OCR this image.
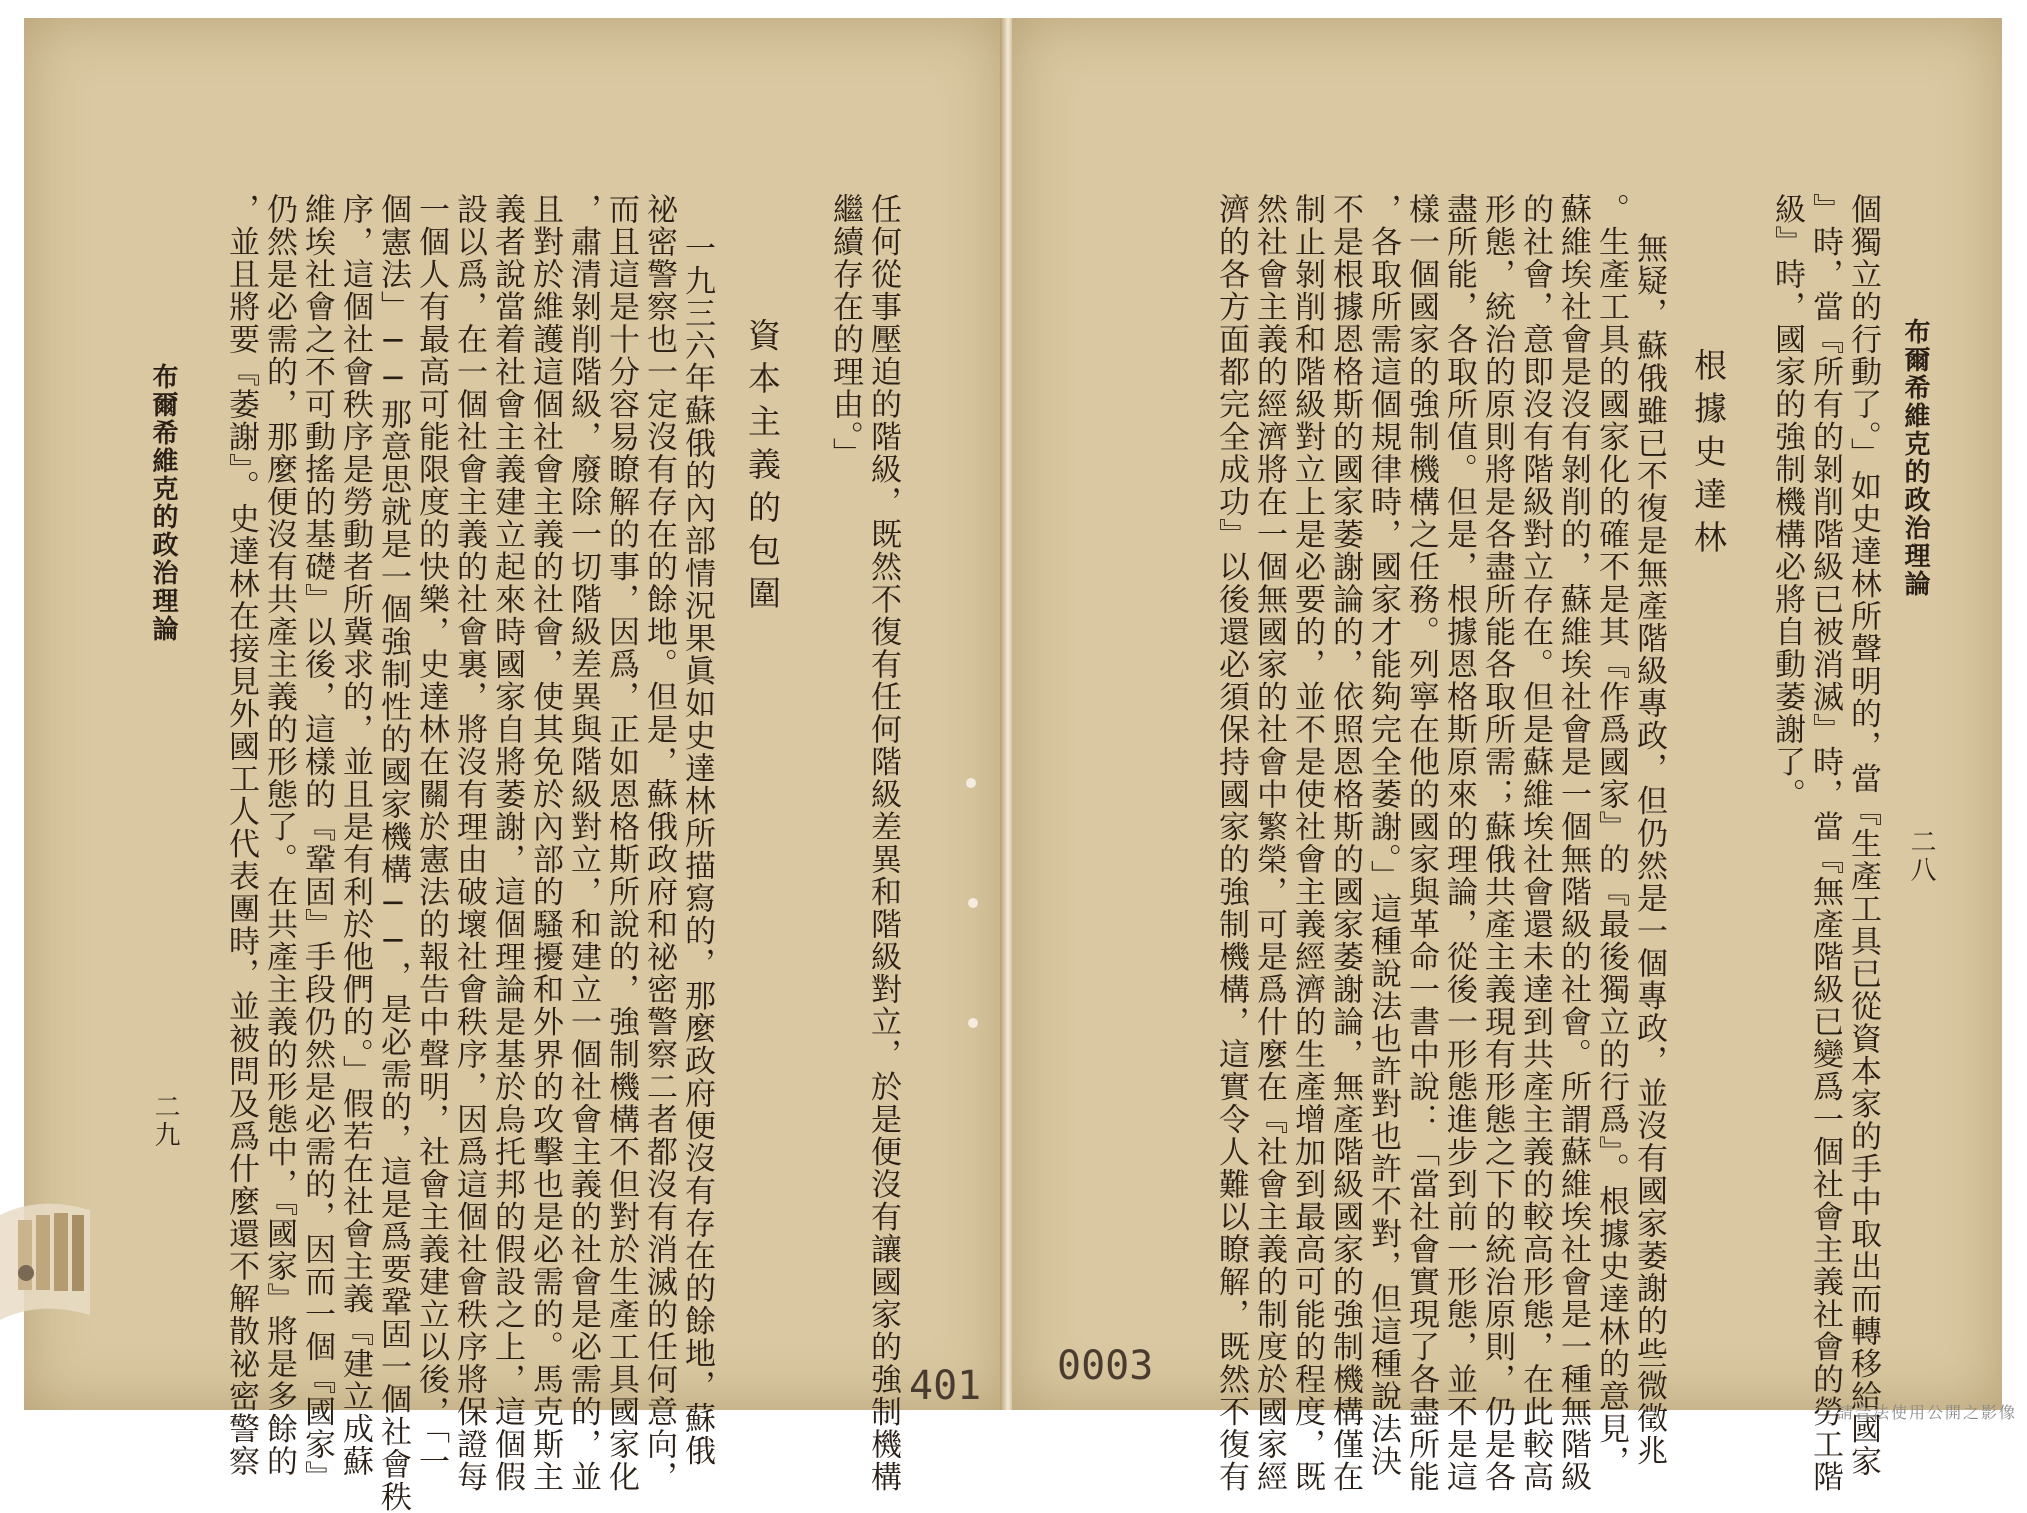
任何從事壓迫的階級，既然不復有任何階級差異和階級對立，於是便沒有讓國家的強制機構
繼續存在的理由。」
資本主義的包圍
一九三六年蘇俄的內部情況果眞如史達林所描寫的，那麼政府便沒有存在的餘地，蘇俄
祕密警察也一定沒有存在的餘地。但是，蘇俄政府和祕密警察二者都沒有消滅的任何意向，
而且這是十分容易瞭解的事，因爲，正如恩格斯所說的，強制機構不但對於生產工具國家化
，肅清剝削階級，廢除一切階級差異與階級對立，和建立一個社會主義的社會是必需的，並
且對於維護這個社會主義的社會，使其免於內部的騷擾和外界的攻擊也是必需的。馬克斯主
義者說當着社會主義建立起來時國家自將萎謝，這個理論是基於烏托邦的假設之上，這個假
設以爲，在一個社會主義的社會裏，將沒有理由破壞社會秩序，因爲這個社會秩序將保證每
一個人有最高可能限度的快樂，史達林在關於憲法的報告中聲明，社會主義建立以後，「一
個憲法」──那意思就是一個強制性的國家機構──，是必需的，這是爲要鞏固一個社會秩
序，這個社會秩序是勞動者所冀求的，並且是有利於他們的。」假若在社會主義『建立成蘇
維埃社會之不可動搖的基礎』以後，這樣的『鞏固』手段仍然是必需的，因而一個『國家』
仍然是必需的，那麼便沒有共產主義的形態了。在共產主義的形態中，『國家』將是多餘的
，並且將要『萎謝』。史達林在接見外國工人代表團時，並被問及爲什麼還不解散祕密警察
布爾希維克的政治理論
二九
401
布爾希維克的政治理論
二八
個獨立的行動了。」如史達林所聲明的，當『生產工具已從資本家的手中取出而轉移給國家
』時，當『所有的剝削階級已被消滅』時，當『無產階級已變爲一個社會主義社會的勞工階
級』時，國家的強制機構必將自動萎謝了。
根據史達林
無疑，蘇俄雖已不復是無產階級專政，但仍然是一個專政，並沒有國家萎謝的些微徵兆
。生產工具的國家化的確不是其『作爲國家』的『最後獨立的行爲』。根據史達林的意見，
蘇維埃社會是沒有剝削的，蘇維埃社會是一個無階級的社會。所謂蘇維埃社會是一種無階級
的社會，意即沒有階級對立存在。但是蘇維埃社會還未達到共產主義的較高形態，在此較高
形態，統治的原則將是各盡所能各取所需；蘇俄共產主義現有形態之下的統治原則，仍是各
盡所能，各取所值。但是，根據恩格斯原來的理論，從後一形態進步到前一形態，並不是這
樣一個國家的強制機構之任務。列寧在他的國家與革命一書中說：「當社會實現了各盡所能
，各取所需這個規律時，國家才能夠完全萎謝。」這種說法也許對也許不對，但這種說法決
不是根據恩格斯的國家萎謝論的，依照恩格斯的國家萎謝論，無產階級國家的強制機構僅在
制止剝削和階級對立上是必要的，並不是使社會主義經濟的生產增加到最高可能的程度，既
然社會主義的經濟將在一個無國家的社會中繁榮，可是爲什麼在『社會主義的制度於國家經
濟的各方面都完全成功』以後還必須保持國家的強制機構，這實令人難以瞭解，既然不復有
0003
請合法使用公開之影像
